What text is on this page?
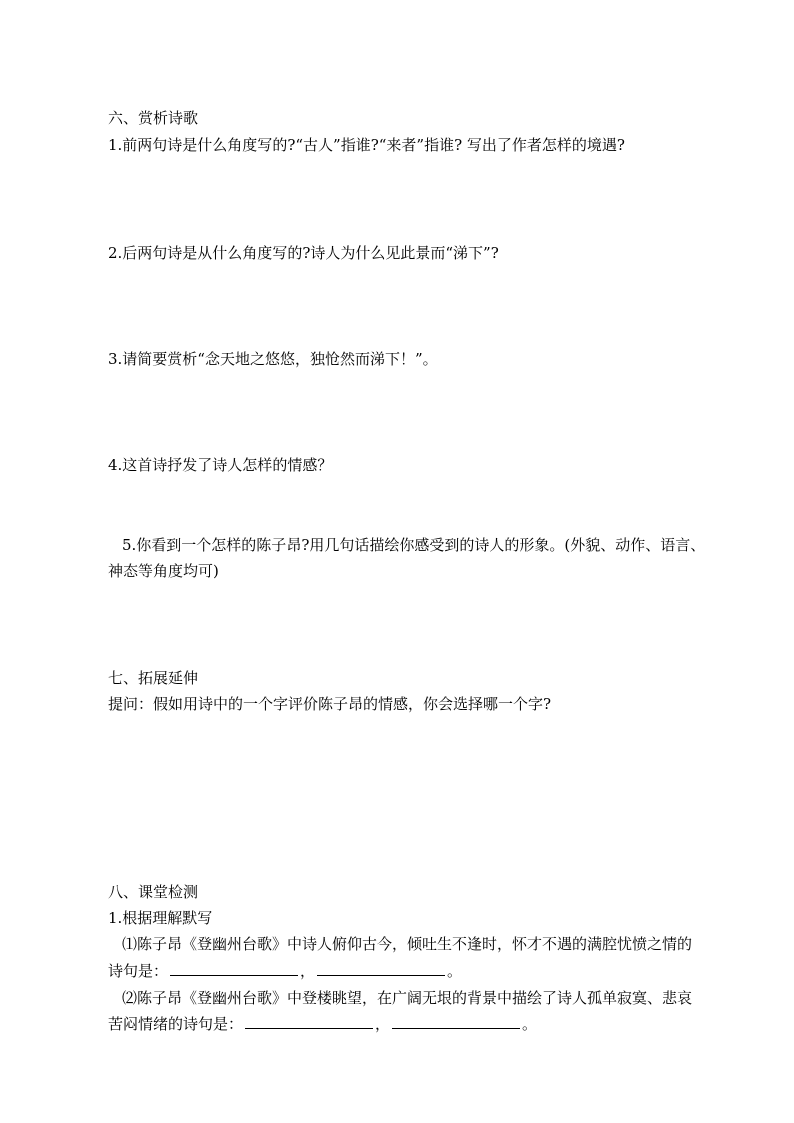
六、赏析诗歌
1.前两句诗是什么角度写的?“古人”指谁?“来者”指谁? 写出了作者怎样的境遇?
2.后两句诗是从什么角度写的?诗人为什么见此景而“涕下”?
3.请简要赏析“念天地之悠悠，独怆然而涕下！”。
4.这首诗抒发了诗人怎样的情感？
5.你看到一个怎样的陈子昂?用几句话描绘你感受到的诗人的形象。(外貌、动作、语言、
神态等角度均可)
七、拓展延伸
提问：假如用诗中的一个字评价陈子昂的情感，你会选择哪一个字?
八、课堂检测
1.根据理解默写
⑴陈子昂《登幽州台歌》中诗人俯仰古今，倾吐生不逢时，怀才不遇的满腔忧愤之情的
诗句是：	，	。
⑵陈子昂《登幽州台歌》中登楼眺望，在广阔无垠的背景中描绘了诗人孤单寂寞、悲哀
苦闷情绪的诗句是：	，	。
